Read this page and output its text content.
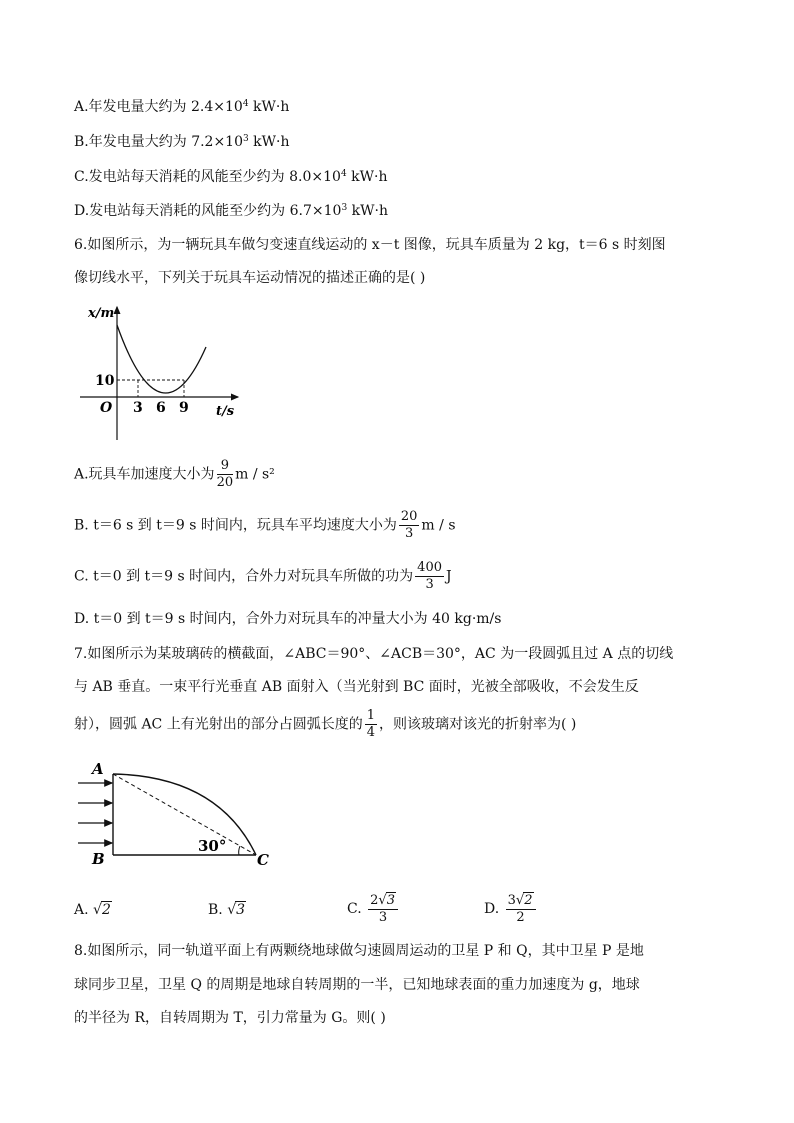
A.年发电量大约为 $2.4\times 10^4$ kW·h
B.年发电量大约为 $7.2\times 10^3$ kW·h
C.发电站每天消耗的风能至少约为 $8.0\times 10^4$ kW·h
D.发电站每天消耗的风能至少约为 $6.7\times 10^3$ kW·h
6.如图所示，为一辆玩具车做匀变速直线运动的 x－t 图像，玩具车质量为 2 kg，t＝6 s 时刻图
像切线水平，下列关于玩具车运动情况的描述正确的是( )
x/m
t/s
O
10
3 6 9
A.玩具车加速度大小为 $\frac{9}{20}$ m / s²
B. t＝6 s 到 t＝9 s 时间内，玩具车平均速度大小为 $\frac{20}{3}$ m / s
C. t＝0 到 t＝9 s 时间内，合外力对玩具车所做的功为 $\frac{400}{3}$ J
D. t＝0 到 t＝9 s 时间内，合外力对玩具车的冲量大小为 40 kg·m/s
7.如图所示为某玻璃砖的横截面，∠ABC＝90°、∠ACB＝30°，AC 为一段圆弧且过 A 点的切线
与 AB 垂直。一束平行光垂直 AB 面射入（当光射到 BC 面时，光被全部吸收，不会发生反
射），圆弧 AC 上有光射出的部分占圆弧长度的 $\frac{1}{4}$ ，则该玻璃对该光的折射率为( )
A
B	C
30°
A. √2	B. √3	C. $\frac{2√3}{3}$	D. $\frac{3√2}{2}$
8.如图所示，同一轨道平面上有两颗绕地球做匀速圆周运动的卫星 P 和 Q，其中卫星 P 是地
球同步卫星，卫星 Q 的周期是地球自转周期的一半，已知地球表面的重力加速度为 g，地球
的半径为 R，自转周期为 T，引力常量为 G。则( )
